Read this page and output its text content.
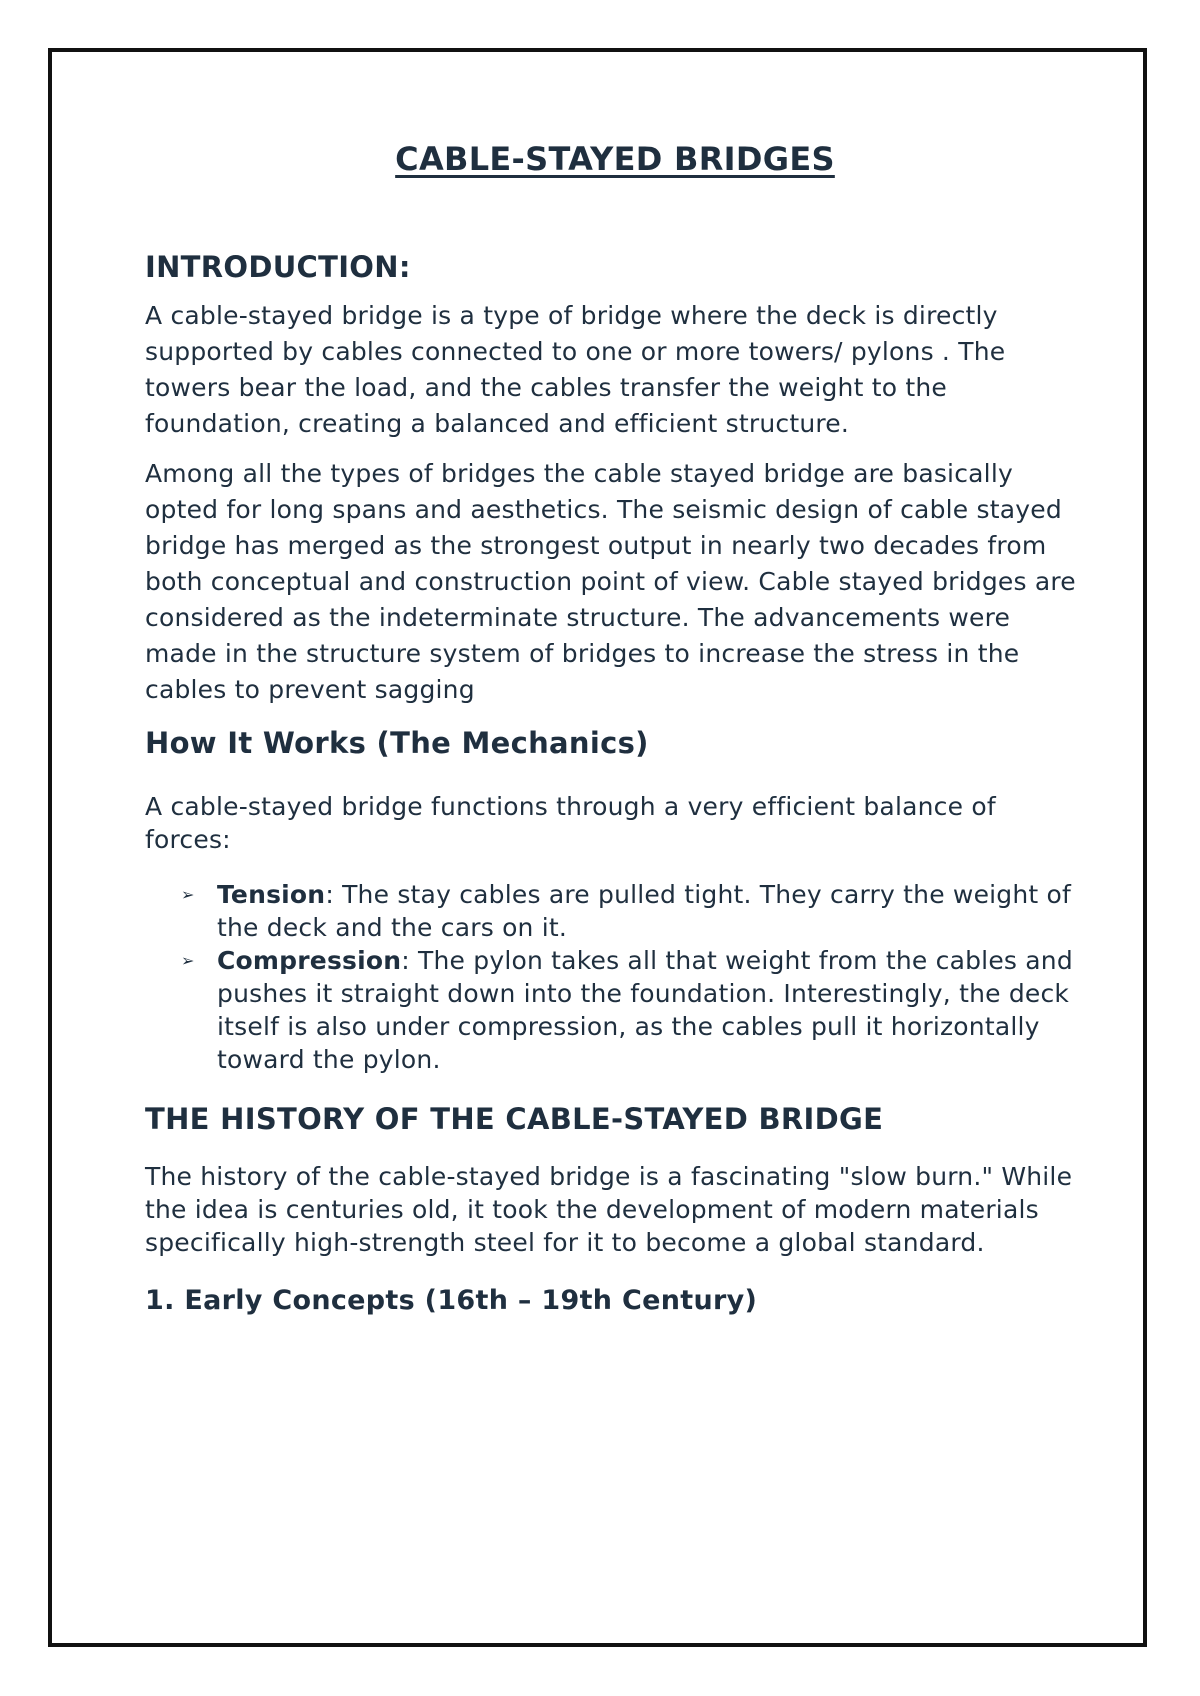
CABLE-STAYED BRIDGES
INTRODUCTION:

A cable-stayed bridge is a type of bridge where the deck is directly supported by cables connected to one or more towers/ pylons . The towers bear the load, and the cables transfer the weight to the foundation, creating a balanced and efficient structure.

Among all the types of bridges the cable stayed bridge are basically opted for long spans and aesthetics. The seismic design of cable stayed bridge has merged as the strongest output in nearly two decades from both conceptual and construction point of view. Cable stayed bridges are considered as the indeterminate structure. The advancements were made in the structure system of bridges to increase the stress in the cables to prevent sagging

How It Works (The Mechanics)

A cable-stayed bridge functions through a very efficient balance of forces:

➢ Tension: The stay cables are pulled tight. They carry the weight of the deck and the cars on it.
➢ Compression: The pylon takes all that weight from the cables and pushes it straight down into the foundation. Interestingly, the deck itself is also under compression, as the cables pull it horizontally toward the pylon.
THE HISTORY OF THE CABLE-STAYED BRIDGE

The history of the cable-stayed bridge is a fascinating "slow burn." While the idea is centuries old, it took the development of modern materials specifically high-strength steel for it to become a global standard.

1. Early Concepts (16th – 19th Century)
